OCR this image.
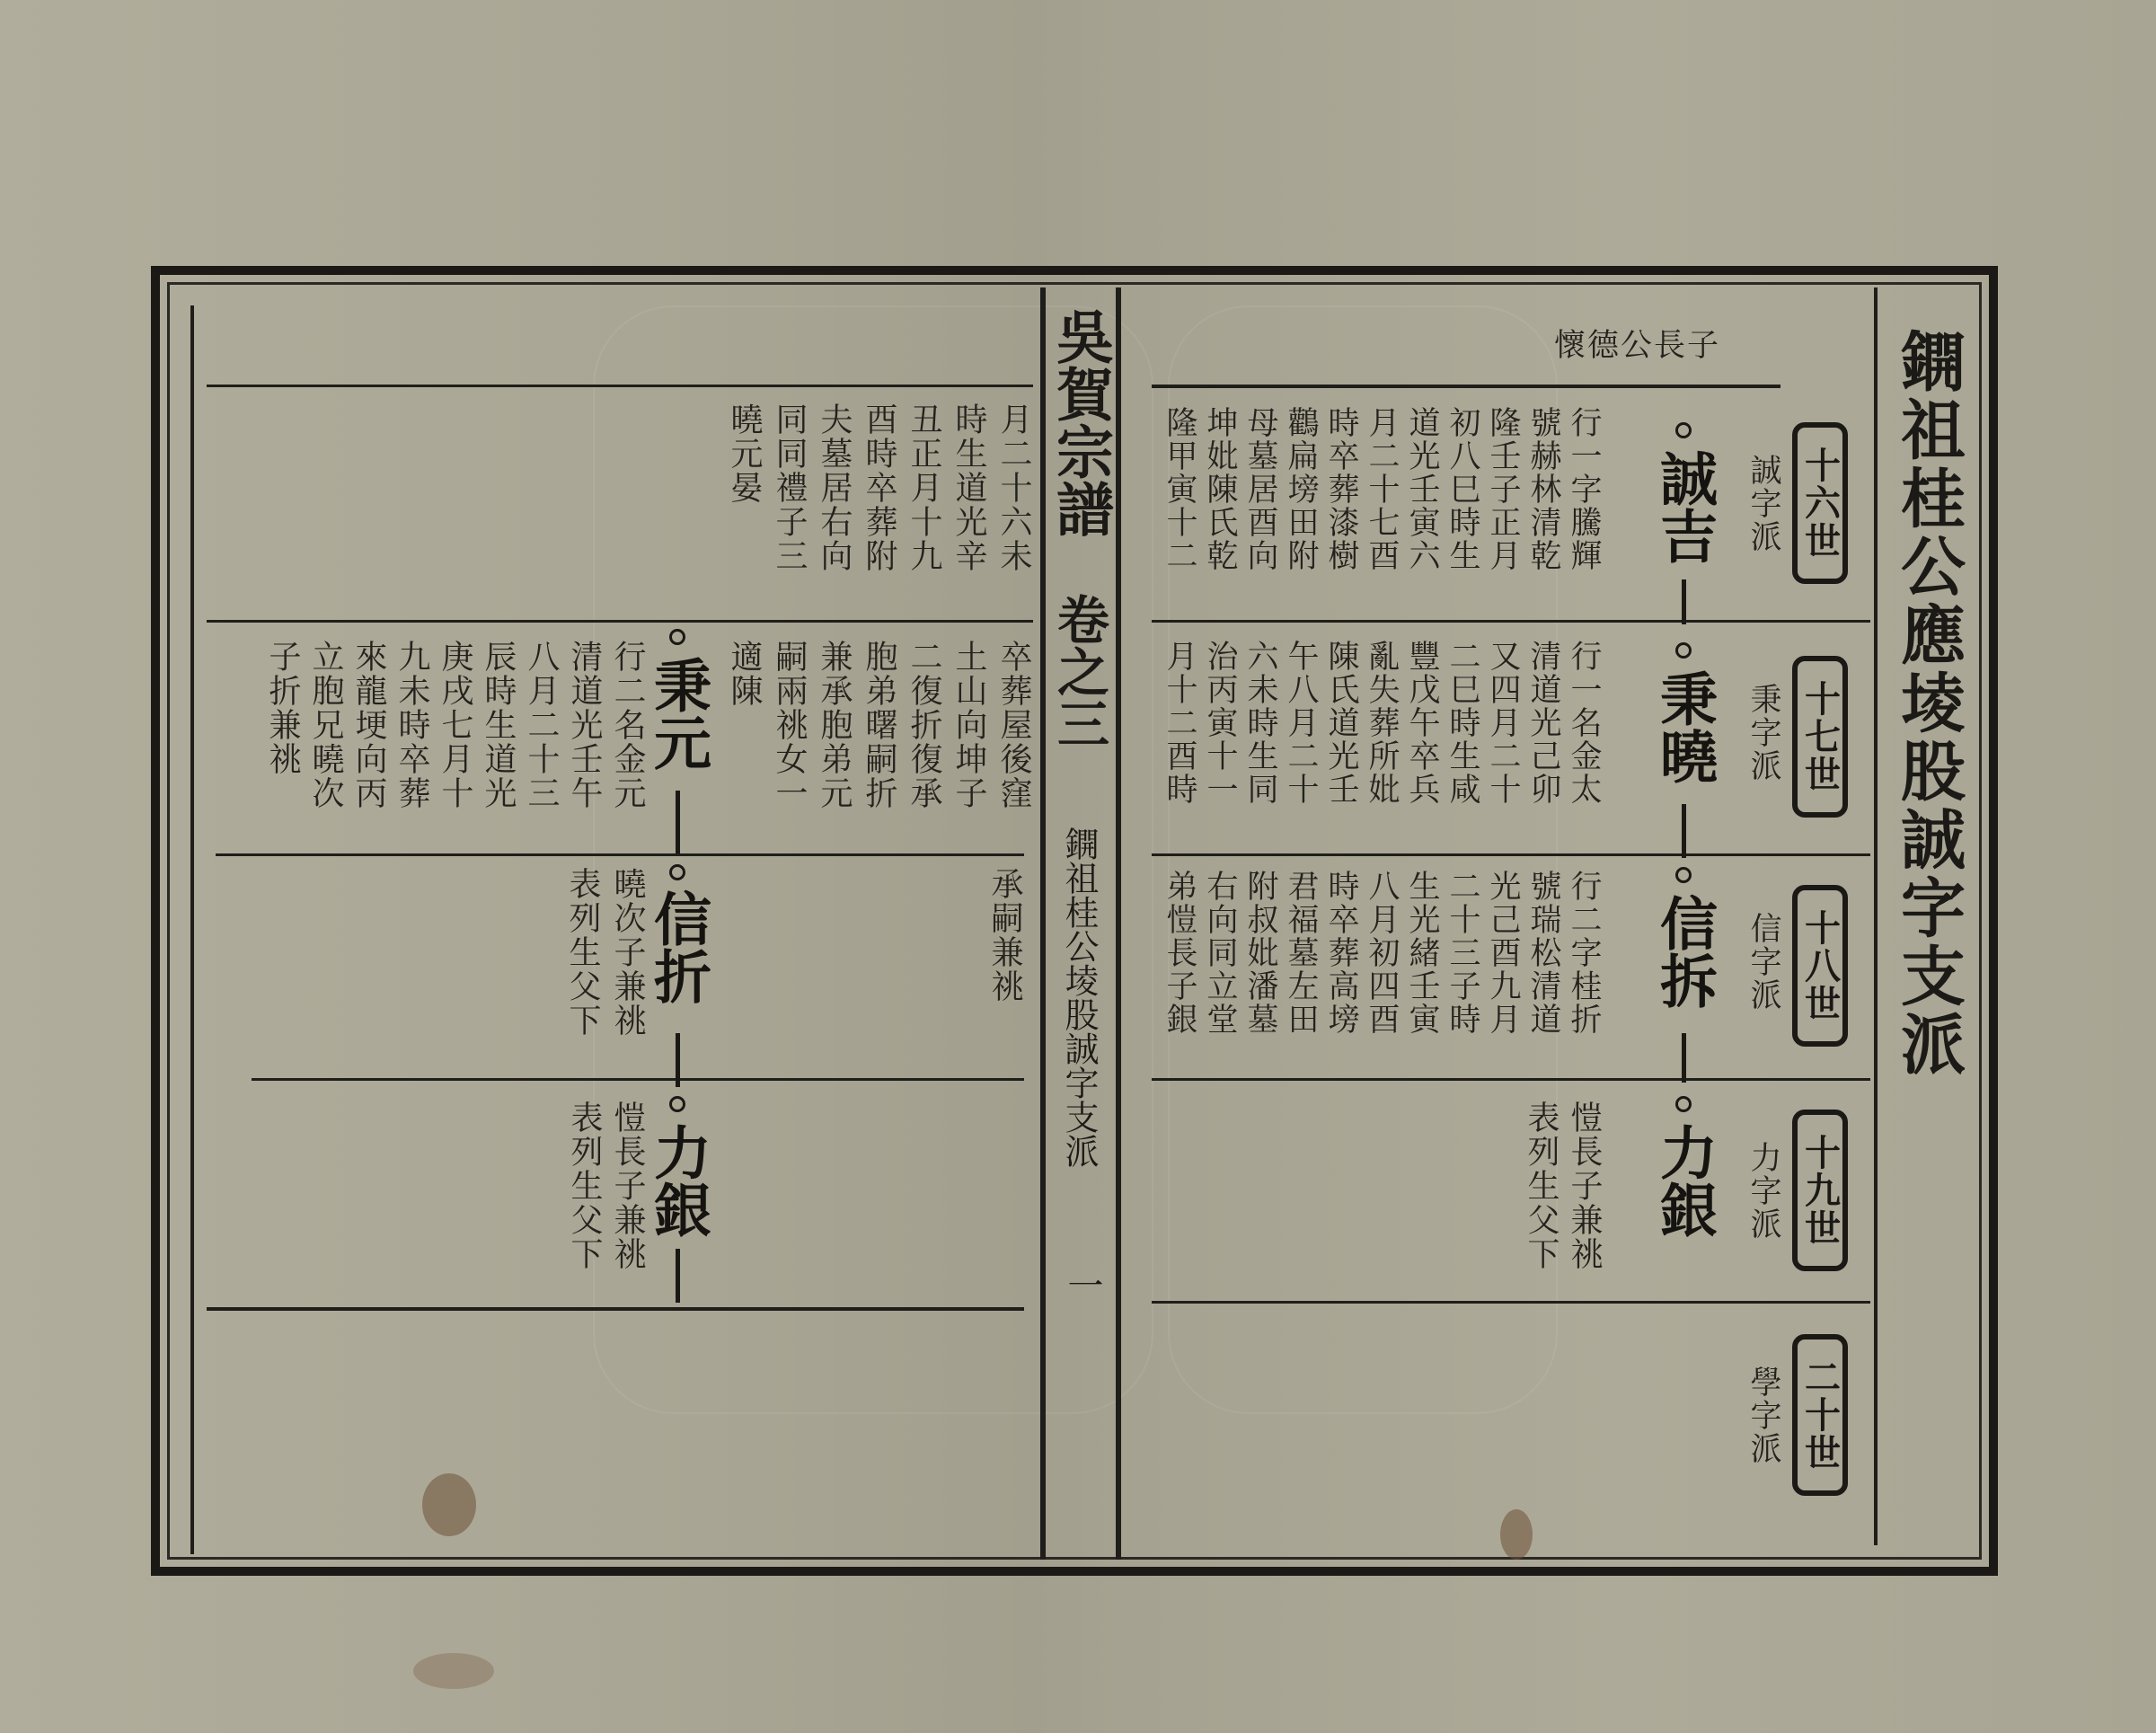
吳賀宗譜
卷之三
鐦祖桂公堎股誠字支派
一
鐦祖桂公應堎股誠字支派
十六世
十七世
十八世
十九世
二十世
誠字派
秉字派
信字派
力字派
學字派
懷德公長子
誠吉
秉曉
信拆
力銀
行一字騰輝
號赫林清乾
隆壬子正月
初八巳時生
道光壬寅六
月二十七酉
時卒葬漆樹
鸛扁塝田附
母墓居酉向
坤妣陳氏乾
隆甲寅十二
行一名金太
清道光己卯
又四月二十
二巳時生咸
豐戊午卒兵
亂失葬所妣
陳氏道光壬
午八月二十
六未時生同
治丙寅十一
月十二酉時
行二字桂折
號瑞松清道
光己酉九月
二十三子時
生光緒壬寅
八月初四酉
時卒葬高塝
君福墓左田
附叔妣潘墓
右向同立堂
弟愷長子銀
愷長子兼祧
表列生父下
秉元
信折
力銀
月二十六未
時生道光辛
丑正月十九
酉時卒葬附
夫墓居右向
同同禮子三
曉元晏
卒葬屋後窪
土山向坤子
二復折復承
胞弟曙嗣折
兼承胞弟元
嗣兩祧女一
適陳
行二名金元
清道光壬午
八月二十三
辰時生道光
庚戌七月十
九未時卒葬
來龍埂向丙
立胞兄曉次
子折兼祧
承嗣兼祧
曉次子兼祧
表列生父下
愷長子兼祧
表列生父下
